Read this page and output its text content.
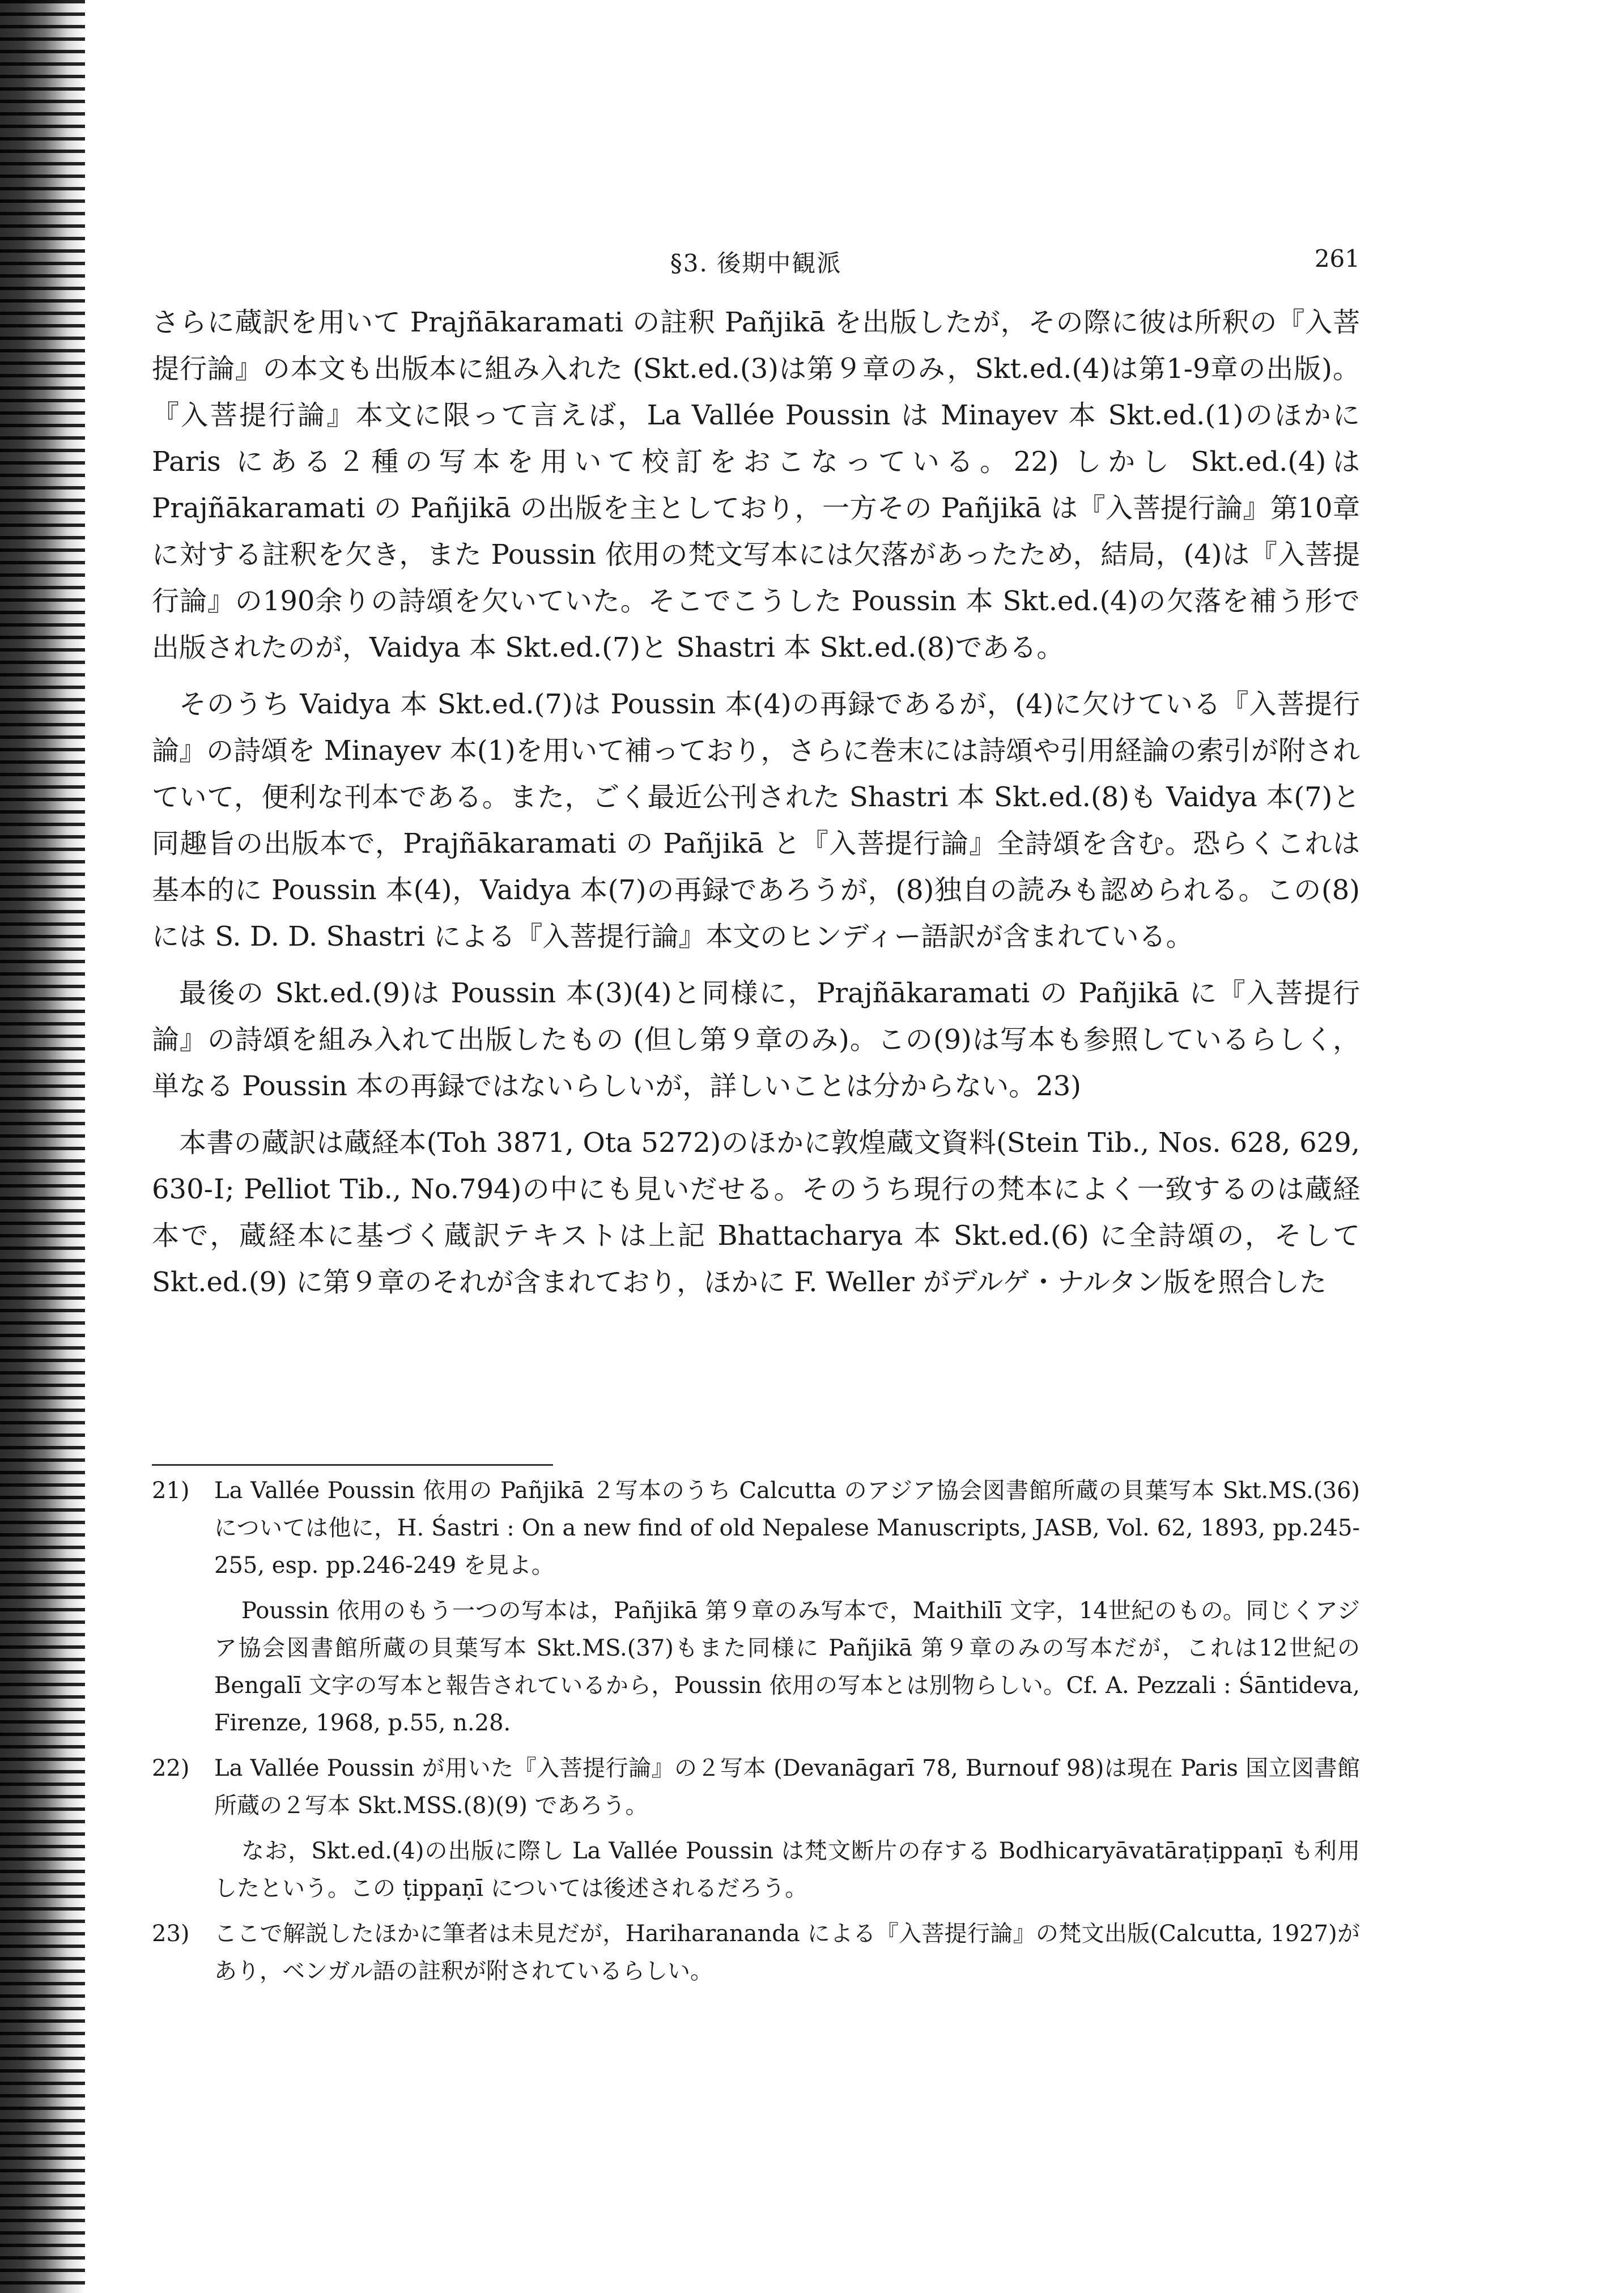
§3. 後期中観派	261

さらに蔵訳を用いて Prajñākaramati の註釈 Pañjikā を出版したが，その際に彼は所釈の『入菩提行論』の本文も出版本に組み入れた (Skt.ed.(3)は第９章のみ，Skt.ed.(4)は第1-9章の出版)。『入菩提行論』本文に限って言えば，La Vallée Poussin は Minayev 本 Skt.ed.(1)のほかに Paris にある２種の写本を用いて校訂をおこなっている。22) しかし Skt.ed.(4)は Prajñākaramati の Pañjikā の出版を主としており，一方その Pañjikā は『入菩提行論』第10章に対する註釈を欠き，また Poussin 依用の梵文写本には欠落があったため，結局，(4)は『入菩提行論』の190余りの詩頌を欠いていた。そこでこうした Poussin 本 Skt.ed.(4)の欠落を補う形で出版されたのが，Vaidya 本 Skt.ed.(7)と Shastri 本 Skt.ed.(8)である。

そのうち Vaidya 本 Skt.ed.(7)は Poussin 本(4)の再録であるが，(4)に欠けている『入菩提行論』の詩頌を Minayev 本(1)を用いて補っており，さらに巻末には詩頌や引用経論の索引が附されていて，便利な刊本である。また，ごく最近公刊された Shastri 本 Skt.ed.(8)も Vaidya 本(7)と同趣旨の出版本で，Prajñākaramati の Pañjikā と『入菩提行論』全詩頌を含む。恐らくこれは基本的に Poussin 本(4)，Vaidya 本(7)の再録であろうが，(8)独自の読みも認められる。この(8)には S. D. D. Shastri による『入菩提行論』本文のヒンディー語訳が含まれている。

最後の Skt.ed.(9)は Poussin 本(3)(4)と同様に，Prajñākaramati の Pañjikā に『入菩提行論』の詩頌を組み入れて出版したもの (但し第９章のみ)。この(9)は写本も参照しているらしく，単なる Poussin 本の再録ではないらしいが，詳しいことは分からない。23)

本書の蔵訳は蔵経本(Toh 3871, Ota 5272)のほかに敦煌蔵文資料(Stein Tib., Nos. 628, 629, 630-Ⅰ; Pelliot Tib., No.794)の中にも見いだせる。そのうち現行の梵本によく一致するのは蔵経本で，蔵経本に基づく蔵訳テキストは上記 Bhattacharya 本 Skt.ed.(6) に全詩頌の，そして Skt.ed.(9) に第９章のそれが含まれており，ほかに F. Weller がデルゲ・ナルタン版を照合した

21)	La Vallée Poussin 依用の Pañjikā ２写本のうち Calcutta のアジア協会図書館所蔵の貝葉写本 Skt.MS.(36)については他に，H. Śastri : On a new find of old Nepalese Manuscripts, JASB, Vol. 62, 1893, pp.245-255, esp. pp.246-249 を見よ。

Poussin 依用のもう一つの写本は，Pañjikā 第９章のみ写本で，Maithilī 文字，14世紀のもの。同じくアジア協会図書館所蔵の貝葉写本 Skt.MS.(37)もまた同様に Pañjikā 第９章のみの写本だが，これは12世紀の Bengalī 文字の写本と報告されているから，Poussin 依用の写本とは別物らしい。Cf. A. Pezzali : Śāntideva, Firenze, 1968, p.55, n.28.

22)	La Vallée Poussin が用いた『入菩提行論』の２写本 (Devanāgarī 78, Burnouf 98)は現在 Paris 国立図書館所蔵の２写本 Skt.MSS.(8)(9) であろう。

なお，Skt.ed.(4)の出版に際し La Vallée Poussin は梵文断片の存する Bodhicaryāvatāraṭippaṇī も利用したという。この ṭippaṇī については後述されるだろう。

23)	ここで解説したほかに筆者は未見だが，Hariharananda による『入菩提行論』の梵文出版(Calcutta, 1927)があり，ベンガル語の註釈が附されているらしい。
